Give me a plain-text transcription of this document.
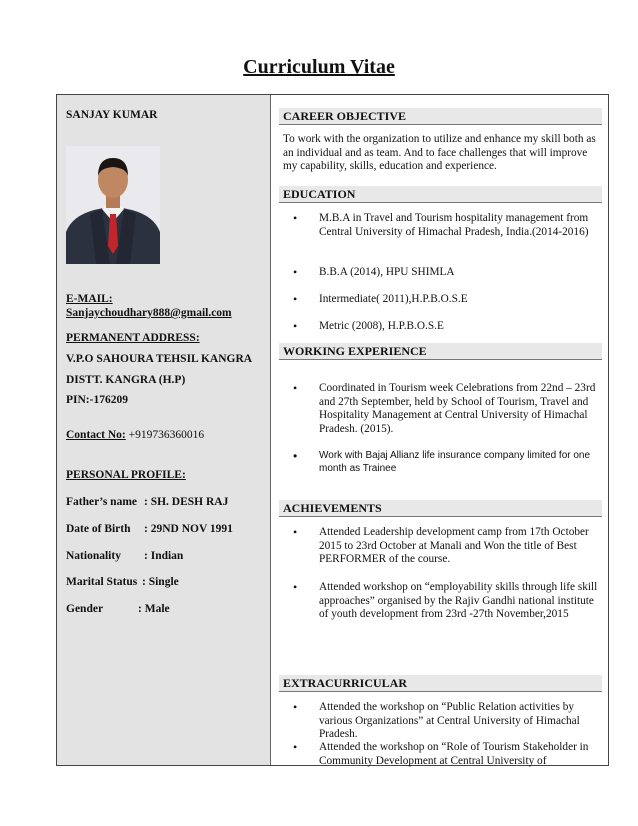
Curriculum Vitae
SANJAY KUMAR
E-MAIL:
Sanjaychoudhary888@gmail.com
PERMANENT ADDRESS:
V.P.O SAHOURA TEHSIL KANGRA
DISTT. KANGRA (H.P)
PIN:-176209
Contact No: +919736360016
PERSONAL PROFILE:
Father’s name : SH. DESH RAJ
Date of Birth : 29ND NOV 1991
Nationality : Indian
Marital Status : Single
Gender	: Male
CAREER OBJECTIVE
To work with the organization to utilize and enhance my skill both as an individual and as team. And to face challenges that will improve my capability, skills, education and experience.
EDUCATION
• M.B.A in Travel and Tourism hospitality management from Central University of Himachal Pradesh, India.(2014-2016)
• B.B.A (2014), HPU SHIMLA
• Intermediate( 2011),H.P.B.O.S.E
• Metric (2008), H.P.B.O.S.E
WORKING EXPERIENCE
• Coordinated in Tourism week Celebrations from 22nd – 23rd and 27th September, held by School of Tourism, Travel and Hospitality Management at Central University of Himachal Pradesh. (2015).
• Work with Bajaj Allianz life insurance company limited for one month as Trainee
ACHIEVEMENTS
• Attended Leadership development camp from 17th October 2015 to 23rd October at Manali and Won the title of Best PERFORMER of the course.
• Attended workshop on “employability skills through life skill approaches” organised by the Rajiv Gandhi national institute of youth development from 23rd -27th November,2015
EXTRACURRICULAR
• Attended the workshop on “Public Relation activities by various Organizations” at Central University of Himachal Pradesh.
• Attended the workshop on “Role of Tourism Stakeholder in Community Development at Central University of
